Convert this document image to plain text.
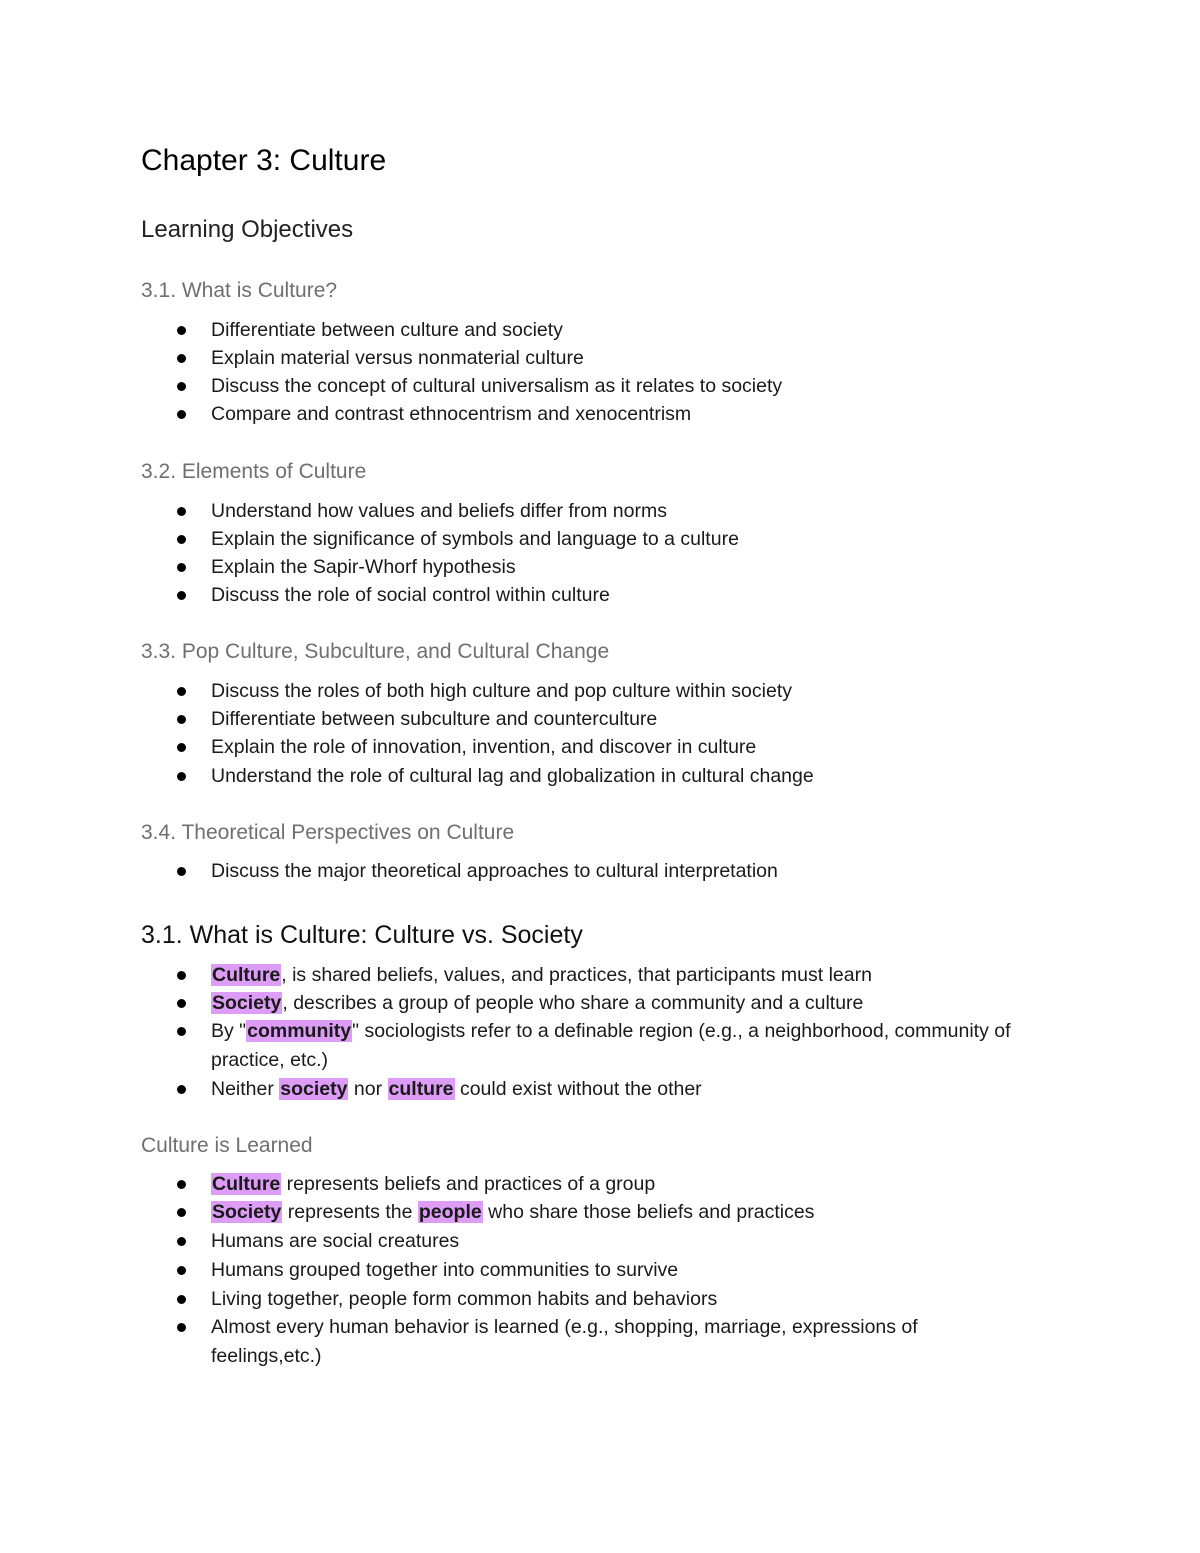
Chapter 3: Culture
Learning Objectives
3.1. What is Culture?
Differentiate between culture and society
Explain material versus nonmaterial culture
Discuss the concept of cultural universalism as it relates to society
Compare and contrast ethnocentrism and xenocentrism
3.2. Elements of Culture
Understand how values and beliefs differ from norms
Explain the significance of symbols and language to a culture
Explain the Sapir-Whorf hypothesis
Discuss the role of social control within culture
3.3. Pop Culture, Subculture, and Cultural Change
Discuss the roles of both high culture and pop culture within society
Differentiate between subculture and counterculture
Explain the role of innovation, invention, and discover in culture
Understand the role of cultural lag and globalization in cultural change
3.4. Theoretical Perspectives on Culture
Discuss the major theoretical approaches to cultural interpretation
3.1. What is Culture: Culture vs. Society
Culture, is shared beliefs, values, and practices, that participants must learn
Society, describes a group of people who share a community and a culture
By "community" sociologists refer to a definable region (e.g., a neighborhood, community of practice, etc.)
Neither society nor culture could exist without the other
Culture is Learned
Culture represents beliefs and practices of a group
Society represents the people who share those beliefs and practices
Humans are social creatures
Humans grouped together into communities to survive
Living together, people form common habits and behaviors
Almost every human behavior is learned (e.g., shopping, marriage, expressions of feelings,etc.)
